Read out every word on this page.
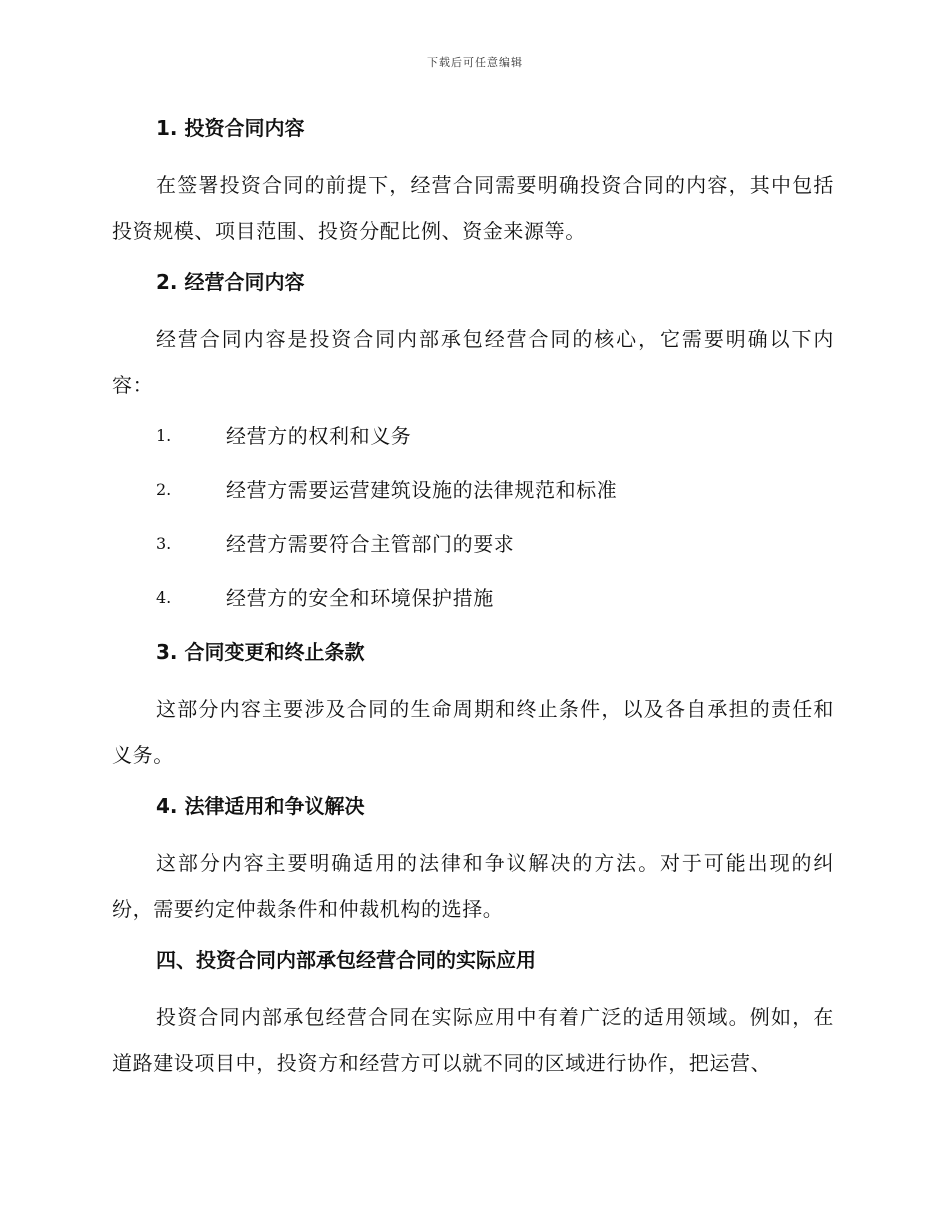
下载后可任意编辑
1. 投资合同内容
在签署投资合同的前提下，经营合同需要明确投资合同的内容，其中包括投资规模、项目范围、投资分配比例、资金来源等。
2. 经营合同内容
经营合同内容是投资合同内部承包经营合同的核心，它需要明确以下内容：
1.	经营方的权利和义务
2.	经营方需要运营建筑设施的法律规范和标准
3.	经营方需要符合主管部门的要求
4.	经营方的安全和环境保护措施
3. 合同变更和终止条款
这部分内容主要涉及合同的生命周期和终止条件，以及各自承担的责任和义务。
4. 法律适用和争议解决
这部分内容主要明确适用的法律和争议解决的方法。对于可能出现的纠纷，需要约定仲裁条件和仲裁机构的选择。
四、投资合同内部承包经营合同的实际应用
投资合同内部承包经营合同在实际应用中有着广泛的适用领域。例如，在道路建设项目中，投资方和经营方可以就不同的区域进行协作，把运营、
